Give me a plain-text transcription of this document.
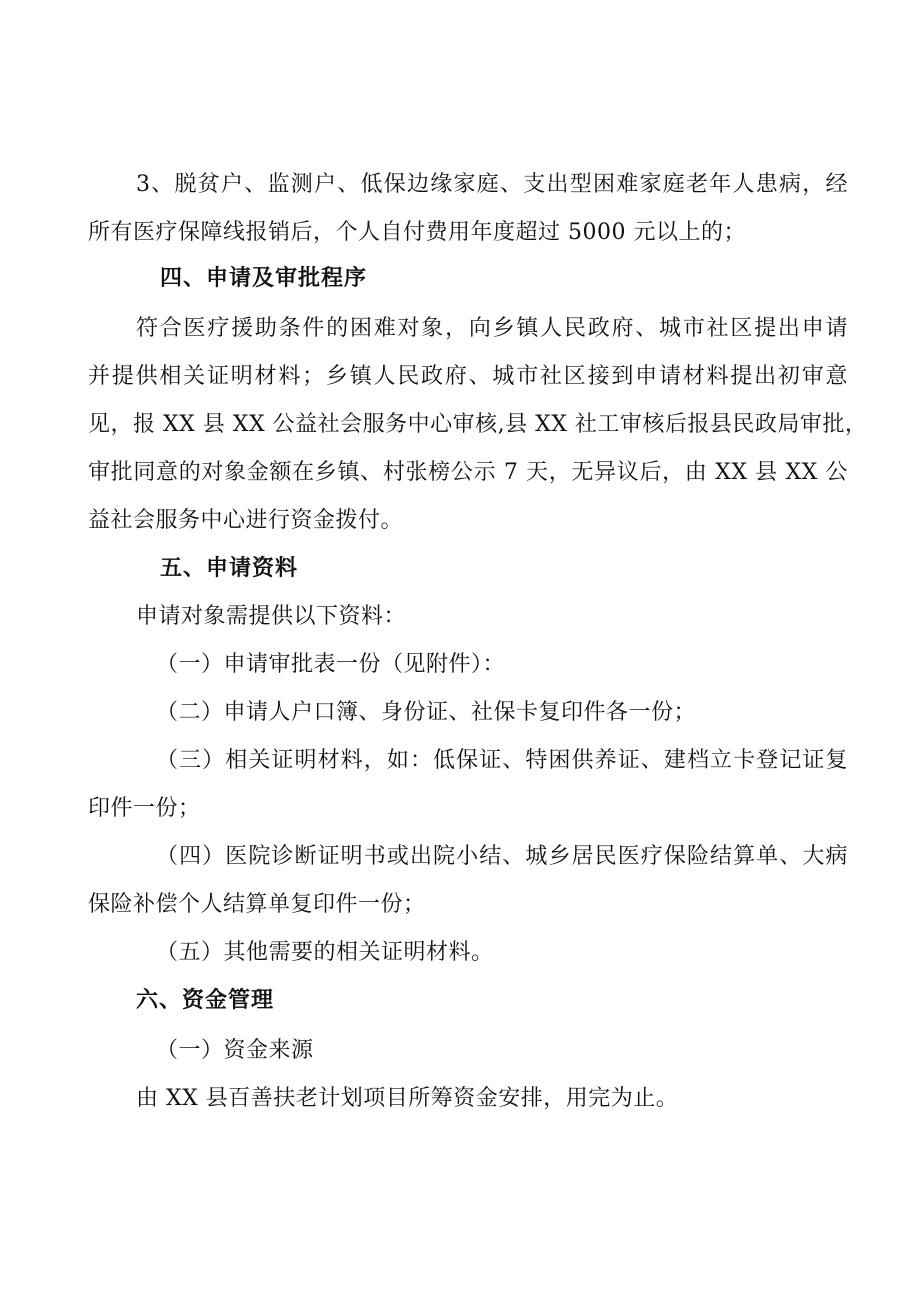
3、脱贫户、监测户、低保边缘家庭、支出型困难家庭老年人患病，经
所有医疗保障线报销后，个人自付费用年度超过 5000 元以上的；
四、申请及审批程序
符合医疗援助条件的困难对象，向乡镇人民政府、城市社区提出申请
并提供相关证明材料；乡镇人民政府、城市社区接到申请材料提出初审意
见，报 XX 县 XX 公益社会服务中心审核,县 XX 社工审核后报县民政局审批，
审批同意的对象金额在乡镇、村张榜公示 7 天，无异议后，由 XX 县 XX 公
益社会服务中心进行资金拨付。
五、申请资料
申请对象需提供以下资料：
（一）申请审批表一份（见附件）：
（二）申请人户口簿、身份证、社保卡复印件各一份；
（三）相关证明材料，如：低保证、特困供养证、建档立卡登记证复
印件一份；
（四）医院诊断证明书或出院小结、城乡居民医疗保险结算单、大病
保险补偿个人结算单复印件一份；
（五）其他需要的相关证明材料。
六、资金管理
（一）资金来源
由 XX 县百善扶老计划项目所筹资金安排，用完为止。
